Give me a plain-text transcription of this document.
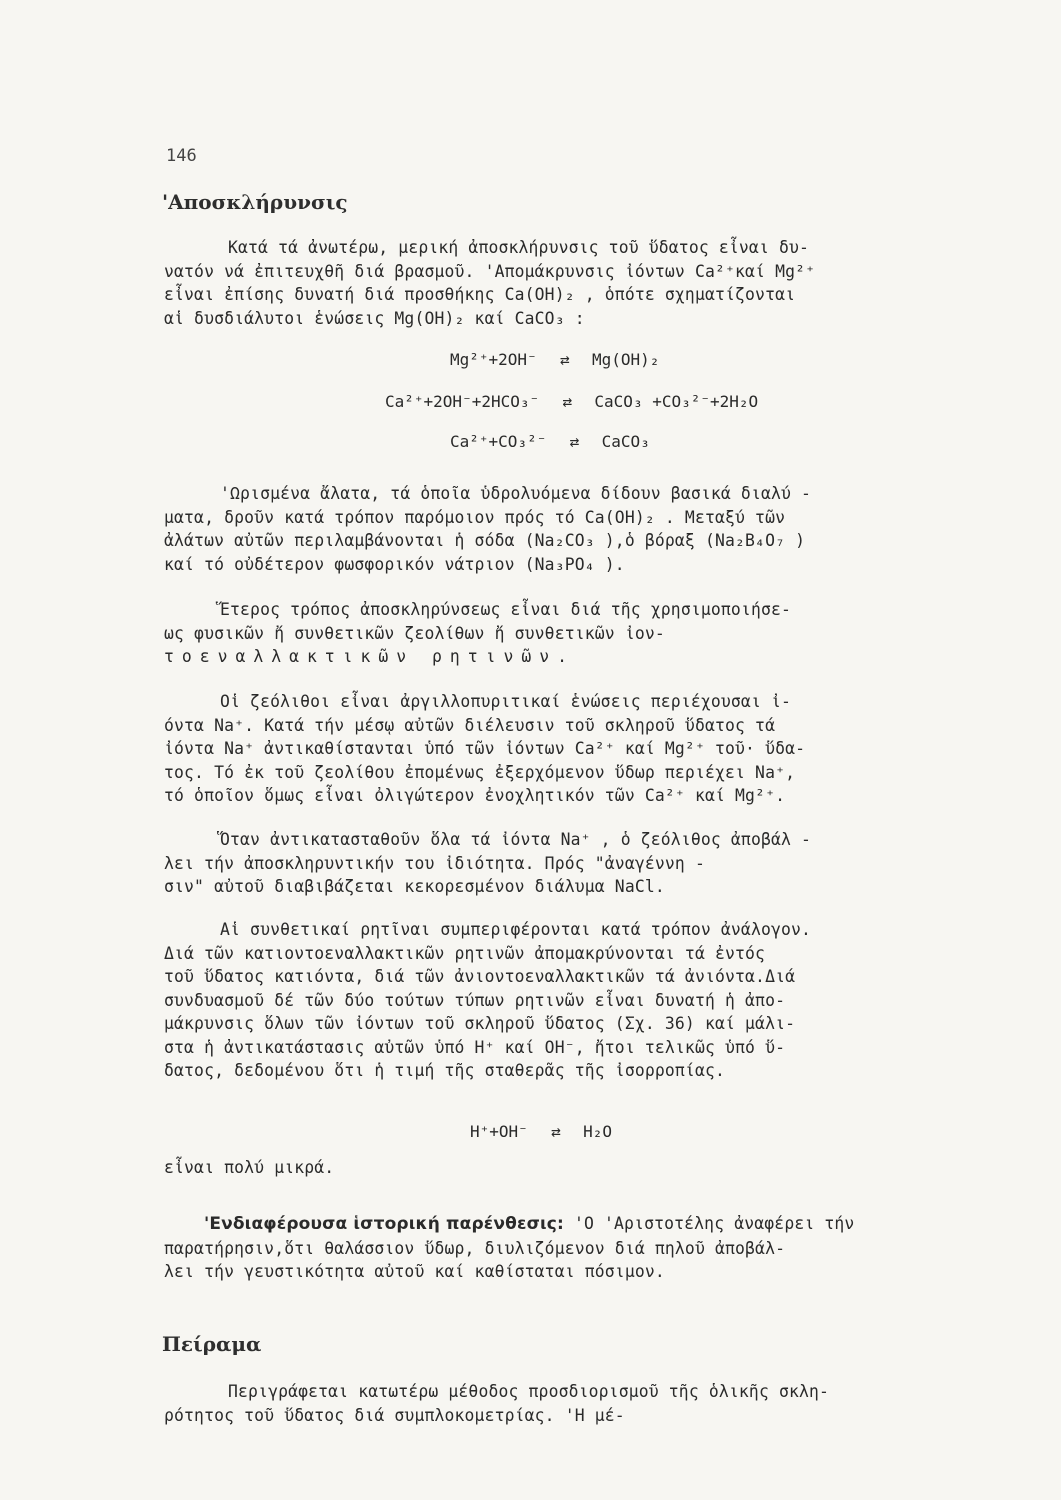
146
'Αποσκλήρυνσις
Κατά τά ἀνωτέρω, μερική ἀποσκλήρυνσις τοῦ ὕδατος εἶναι δυ-
νατόν νά ἐπιτευχθῆ διά βρασμοῦ. 'Απομάκρυνσις ἰόντων Ca²⁺καί Mg²⁺
εἶναι ἐπίσης δυνατή διά προσθήκης Ca(OH)₂ , ὁπότε σχηματίζονται
αἱ δυσδιάλυτοι ἑνώσεις Mg(OH)₂ καί CaCO₃ :
Mg²⁺+2OH⁻ ⇄ Mg(OH)₂
Ca²⁺+2OH⁻+2HCO₃⁻ ⇄ CaCO₃ +CO₃²⁻+2H₂O
Ca²⁺+CO₃²⁻ ⇄ CaCO₃
'Ωρισμένα ἄλατα, τά ὁποῖα ὑδρολυόμενα δίδουν βασικά διαλύ -
ματα, δροῦν κατά τρόπον παρόμοιον πρός τό Ca(OH)₂ . Μεταξύ τῶν
ἀλάτων αὐτῶν περιλαμβάνονται ἡ σόδα (Na₂CO₃ ),ὁ βόραξ (Na₂B₄O₇ )
καί τό οὐδέτερον φωσφορικόν νάτριον (Na₃PO₄ ).
Ἕτερος τρόπος ἀποσκληρύνσεως εἶναι διά τῆς χρησιμοποιήσε-
ως φυσικῶν ἤ συνθετικῶν ζεολίθων ἤ συνθετικῶν ἰον-
τοεναλλακτικῶν ρητινῶν.
Οἱ ζεόλιθοι εἶναι ἀργιλλοπυριτικαί ἑνώσεις περιέχουσαι ἰ-
όντα Na⁺. Κατά τήν μέσῳ αὐτῶν διέλευσιν τοῦ σκληροῦ ὕδατος τά
ἰόντα Na⁺ ἀντικαθίστανται ὑπό τῶν ἰόντων Ca²⁺ καί Mg²⁺ τοῦ· ὕδα-
τος. Τό ἐκ τοῦ ζεολίθου ἐπομένως ἐξερχόμενον ὕδωρ περιέχει Na⁺,
τό ὁποῖον ὅμως εἶναι ὀλιγώτερον ἐνοχλητικόν τῶν Ca²⁺ καί Mg²⁺.
Ὅταν ἀντικατασταθοῦν ὅλα τά ἰόντα Na⁺ , ὁ ζεόλιθος ἀποβάλ -
λει τήν ἀποσκληρυντικήν του ἰδιότητα. Πρός "ἀναγέννη -
σιν" αὐτοῦ διαβιβάζεται κεκορεσμένον διάλυμα NaCl.
Αἱ συνθετικαί ρητῖναι συμπεριφέρονται κατά τρόπον ἀνάλογον.
Διά τῶν κατιοντοεναλλακτικῶν ρητινῶν ἀπομακρύνονται τά ἐντός
τοῦ ὕδατος κατιόντα, διά τῶν ἀνιοντοεναλλακτικῶν τά ἀνιόντα.Διά
συνδυασμοῦ δέ τῶν δύο τούτων τύπων ρητινῶν εἶναι δυνατή ἡ ἀπο-
μάκρυνσις ὅλων τῶν ἰόντων τοῦ σκληροῦ ὕδατος (Σχ. 36) καί μάλι-
στα ἡ ἀντικατάστασις αὐτῶν ὑπό H⁺ καί OH⁻, ἤτοι τελικῶς ὑπό ὕ-
δατος, δεδομένου ὅτι ἡ τιμή τῆς σταθερᾶς τῆς ἰσορροπίας.
H⁺+OH⁻ ⇄ H₂O
εἶναι πολύ μικρά.
'Ενδιαφέρουσα ἱστορική παρένθεσις: 'Ο 'Αριστοτέλης ἀναφέρει τήν
παρατήρησιν,ὅτι θαλάσσιον ὕδωρ, διυλιζόμενον διά πηλοῦ ἀποβάλ-
λει τήν γευστικότητα αὐτοῦ καί καθίσταται πόσιμον.
Πείραμα
Περιγράφεται κατωτέρω μέθοδος προσδιορισμοῦ τῆς ὁλικῆς σκλη-
ρότητος τοῦ ὕδατος διά συμπλοκομετρίας. 'Η μέ-
